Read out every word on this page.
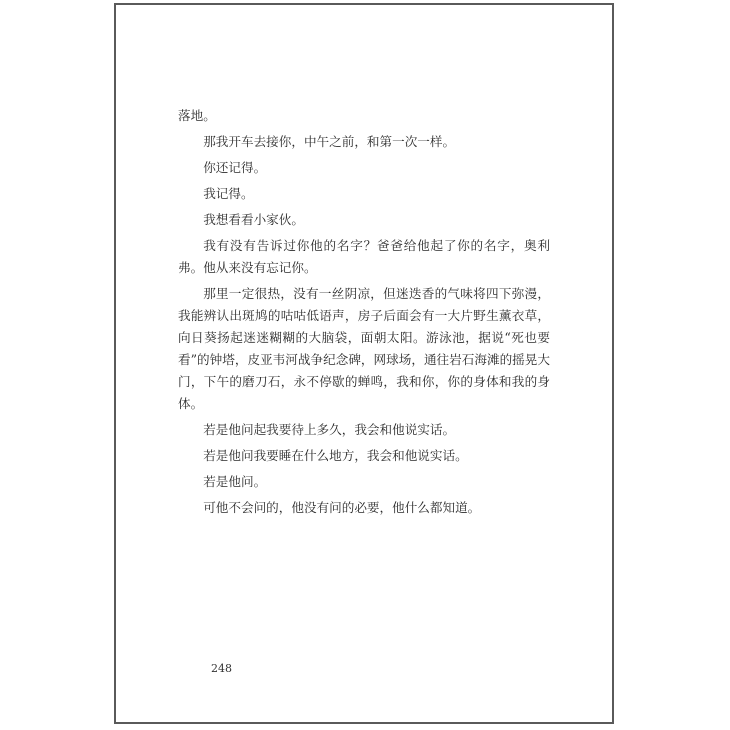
落地。

那我开车去接你，中午之前，和第一次一样。

你还记得。

我记得。

我想看看小家伙。

我有没有告诉过你他的名字？爸爸给他起了你的名字，奥利弗。他从来没有忘记你。

那里一定很热，没有一丝阴凉，但迷迭香的气味将四下弥漫，我能辨认出斑鸠的咕咕低语声，房子后面会有一大片野生薰衣草，向日葵扬起迷迷糊糊的大脑袋，面朝太阳。游泳池，据说“死也要看”的钟塔，皮亚韦河战争纪念碑，网球场，通往岩石海滩的摇晃大门，下午的磨刀石，永不停歇的蝉鸣，我和你，你的身体和我的身体。

若是他问起我要待上多久，我会和他说实话。

若是他问我要睡在什么地方，我会和他说实话。

若是他问。

可他不会问的，他没有问的必要，他什么都知道。

248
